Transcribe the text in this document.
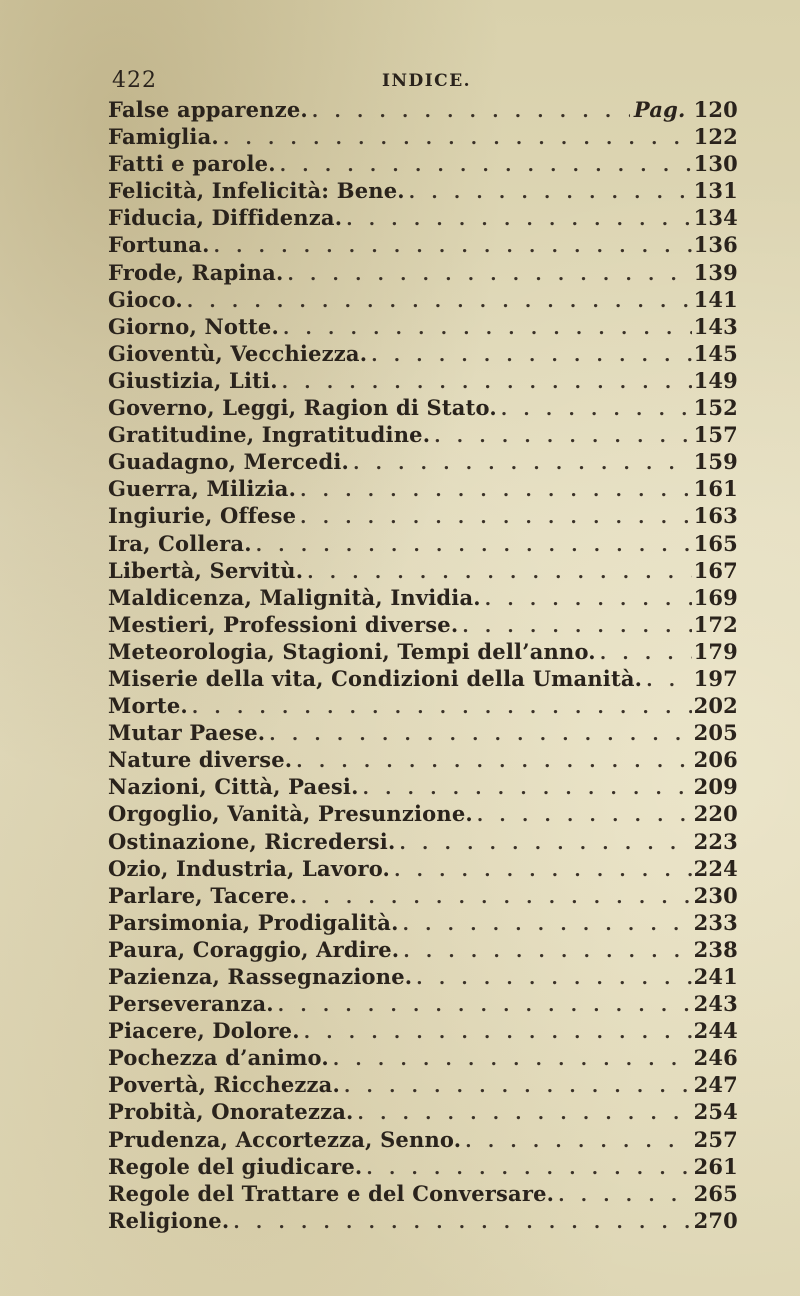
422	INDICE.
False apparenze. . . .	Pag. 120
Famiglia. . . .	122
Fatti e parole. . . .	130
Felicità, Infelicità: Bene. . . .	131
Fiducia, Diffidenza. . . .	134
Fortuna. . . .	136
Frode, Rapina. . . .	139
Gioco. . . .	141
Giorno, Notte. . . .	143
Gioventù, Vecchiezza. . . .	145
Giustizia, Liti. . . .	149
Governo, Leggi, Ragion di Stato. . . .	152
Gratitudine, Ingratitudine. . . .	157
Guadagno, Mercedi. . . .	159
Guerra, Milizia. . . .	161
Ingiurie, Offese . . .	163
Ira, Collera. . . .	165
Libertà, Servitù. . . .	167
Maldicenza, Malignità, Invidia. . . .	169
Mestieri, Professioni diverse. . . .	172
Meteorologia, Stagioni, Tempi dell’anno. . . .	179
Miserie della vita, Condizioni della Umanità. . . . 197
Morte. . . .	202
Mutar Paese. . . .	205
Nature diverse. . . .	206
Nazioni, Città, Paesi. . . .	209
Orgoglio, Vanità, Presunzione. . . .	220
Ostinazione, Ricredersi. . . .	223
Ozio, Industria, Lavoro. . . .	224
Parlare, Tacere. . . .	230
Parsimonia, Prodigalità. . . .	233
Paura, Coraggio, Ardire. . . .	238
Pazienza, Rassegnazione. . . .	241
Perseveranza. . . .	243
Piacere, Dolore. . . .	244
Pochezza d’animo. . . .	246
Povertà, Ricchezza. . . .	247
Probità, Onoratezza. . . .	254
Prudenza, Accortezza, Senno. . . .	257
Regole del giudicare. . . .	261
Regole del Trattare e del Conversare. . . .	265
Religione. . . .	270
